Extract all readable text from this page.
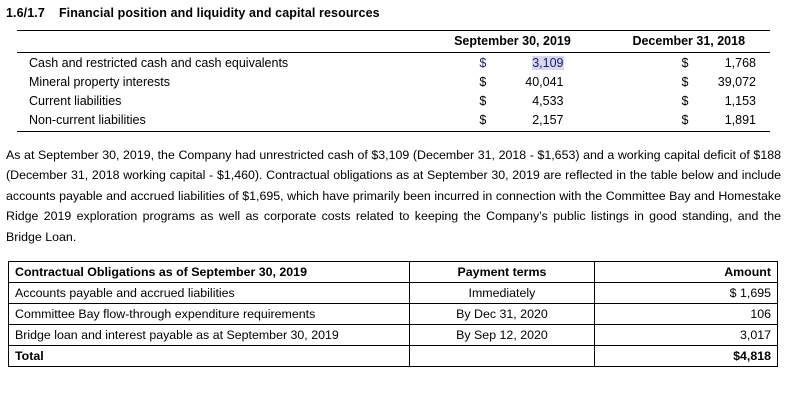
1.6/1.7 Financial position and liquidity and capital resources
	September 30, 2019	December 31, 2018
Cash and restricted cash and cash equivalents	$ 3,109	$ 1,768
Mineral property interests	$ 40,041	$ 39,072
Current liabilities	$ 4,533	$ 1,153
Non-current liabilities	$ 2,157	$ 1,891

As at September 30, 2019, the Company had unrestricted cash of $3,109 (December 31, 2018 - $1,653) and a working capital deficit of $188 (December 31, 2018 working capital - $1,460). Contractual obligations as at September 30, 2019 are reflected in the table below and include accounts payable and accrued liabilities of $1,695, which have primarily been incurred in connection with the Committee Bay and Homestake Ridge 2019 exploration programs as well as corporate costs related to keeping the Company’s public listings in good standing, and the Bridge Loan.

Contractual Obligations as of September 30, 2019	Payment terms	Amount
Accounts payable and accrued liabilities	Immediately	$ 1,695
Committee Bay flow-through expenditure requirements	By Dec 31, 2020	106
Bridge loan and interest payable as at September 30, 2019	By Sep 12, 2020	3,017
Total		$4,818
